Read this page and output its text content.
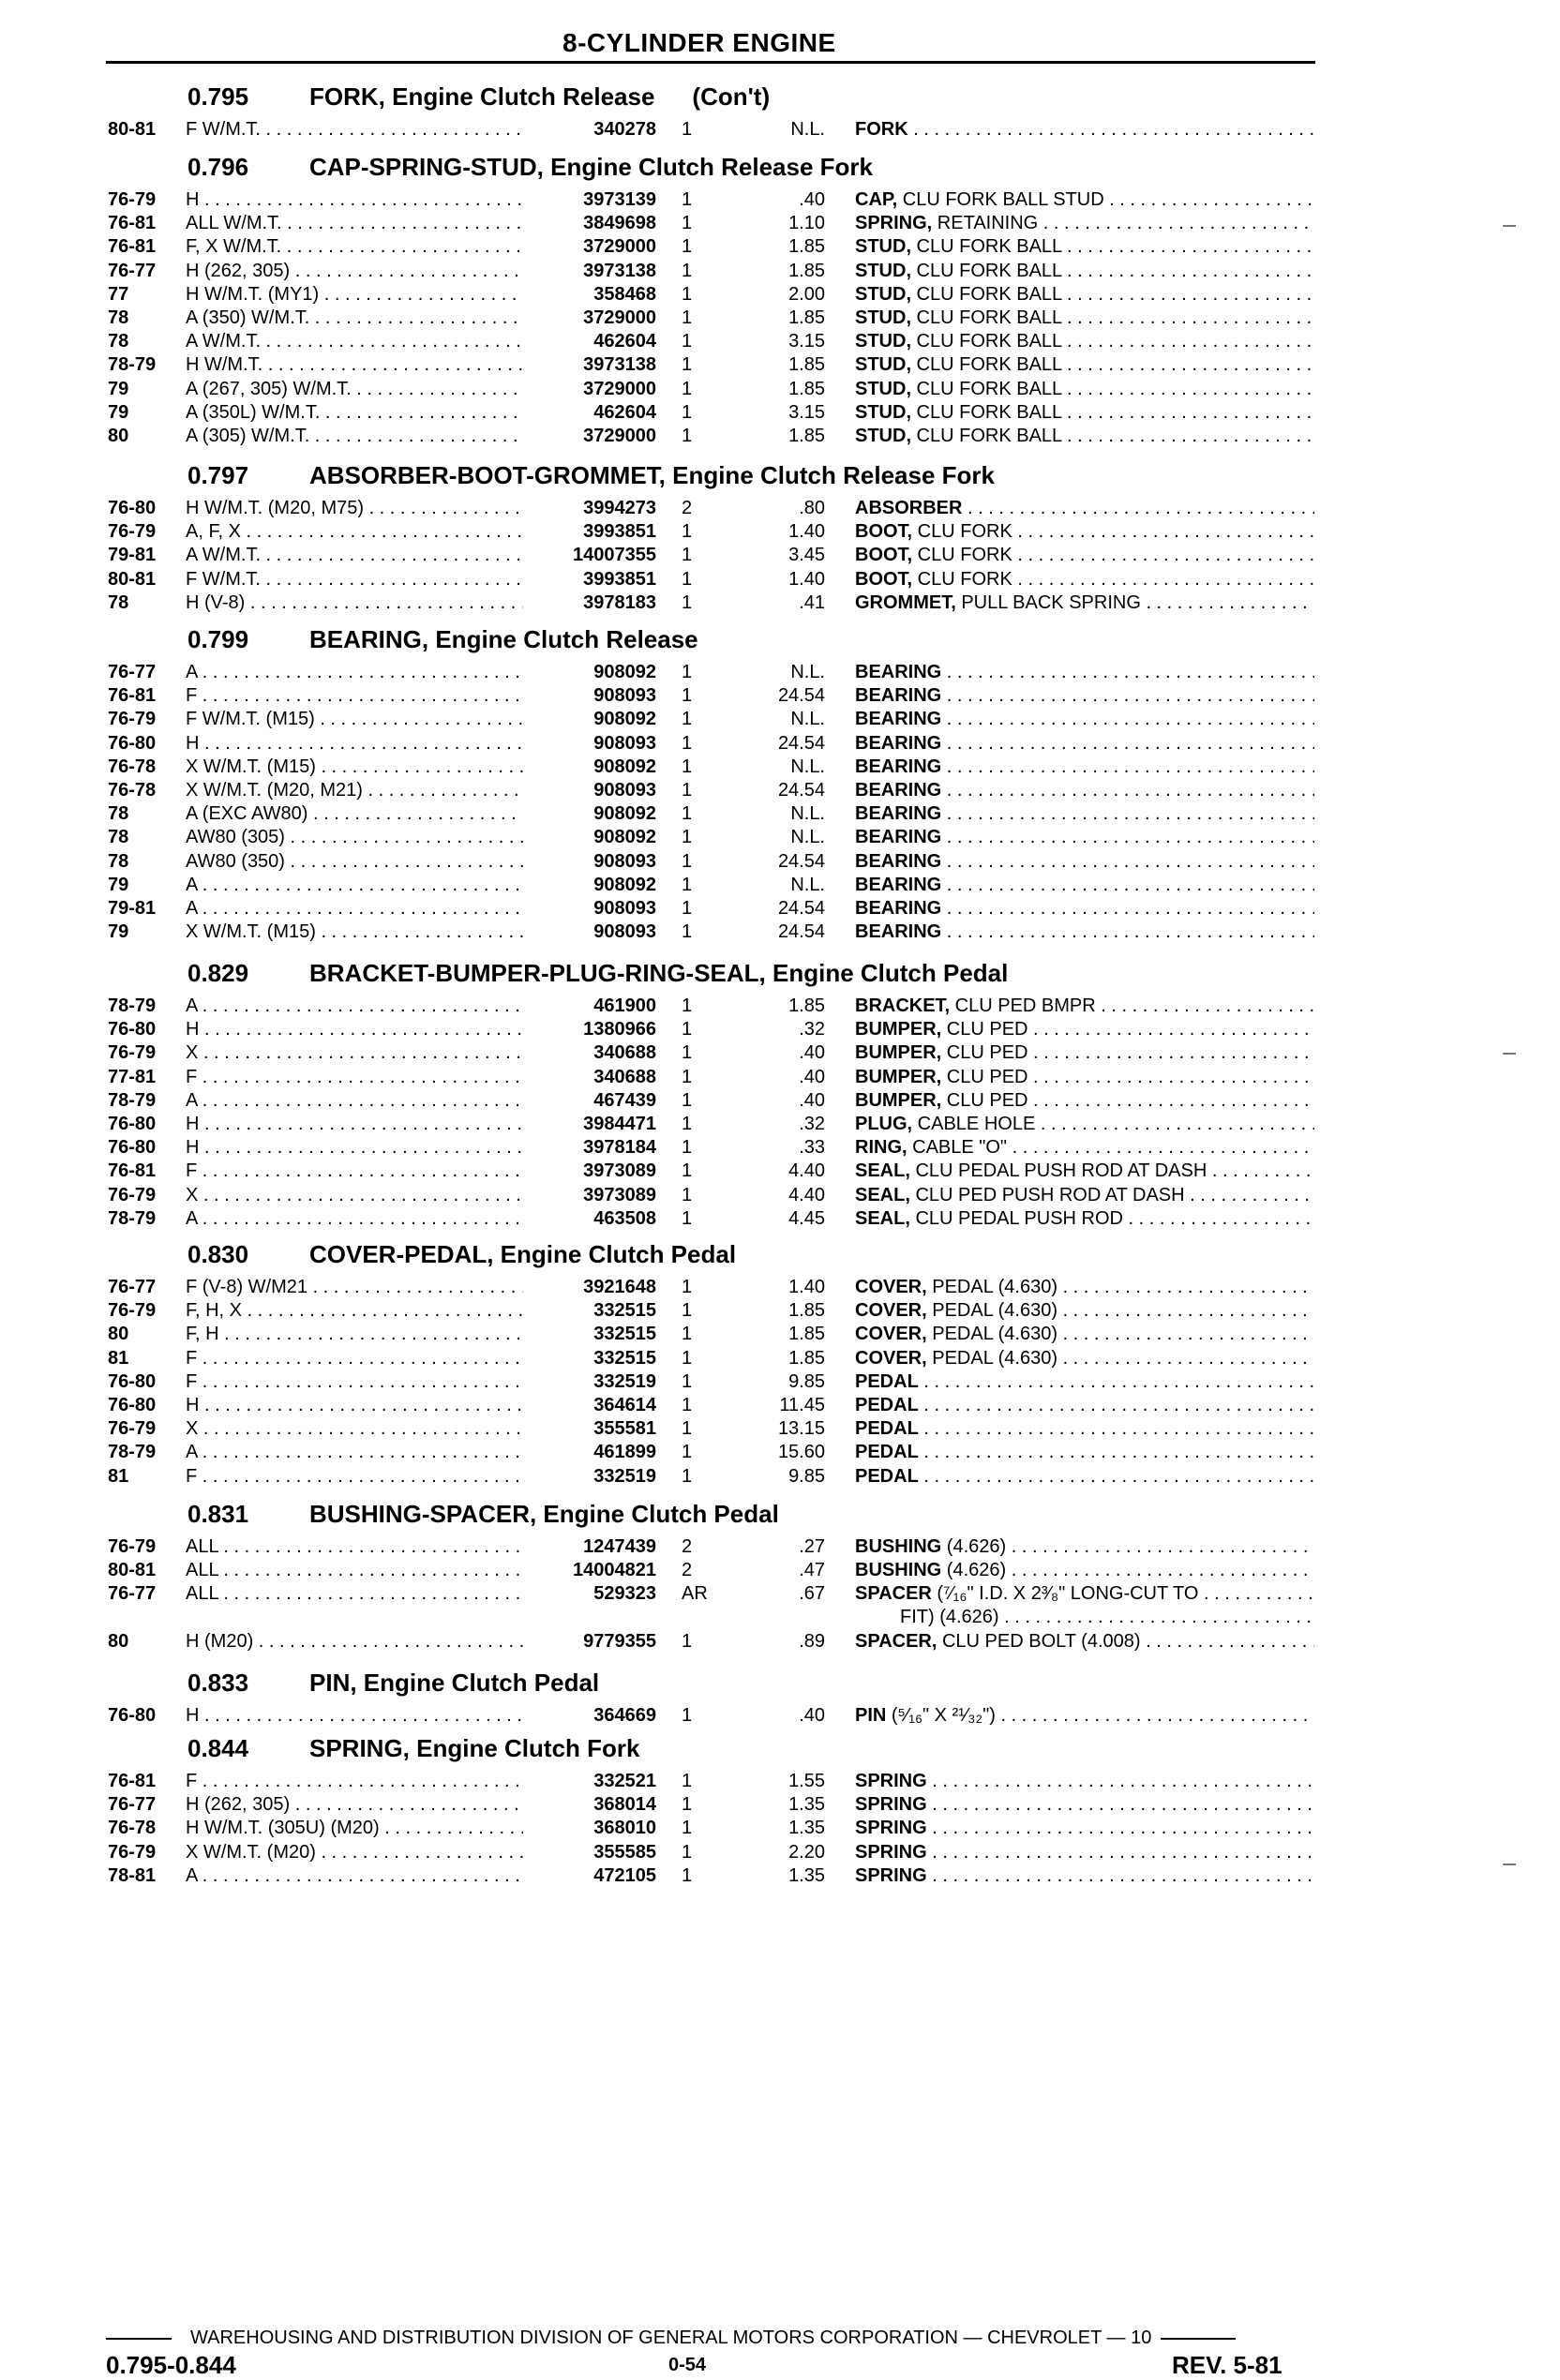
8-CYLINDER ENGINE
0.795 FORK, Engine Clutch Release (Con't)
80-81 F W/M.T. . . .	340278 1	N.L. FORK . . .
0.796 CAP-SPRING-STUD, Engine Clutch Release Fork
76-79 H . . .	3973139 1	.40 CAP, CLU FORK BALL STUD . . .
76-81 ALL W/M.T. . . .	3849698 1	1.10 SPRING, RETAINING . . .
76-81 F, X W/M.T. . . .	3729000 1	1.85 STUD, CLU FORK BALL . . .
76-77 H (262, 305) . . .	3973138 1	1.85 STUD, CLU FORK BALL . . .
77	H W/M.T. (MY1) . . .	358468 1	2.00 STUD, CLU FORK BALL . . .
78	A (350) W/M.T. . . .	3729000 1	1.85 STUD, CLU FORK BALL . . .
78	A W/M.T. . . .	462604 1	3.15 STUD, CLU FORK BALL . . .
78-79 H W/M.T. . . .	3973138 1	1.85 STUD, CLU FORK BALL . . .
79	A (267, 305) W/M.T. . . .	3729000 1	1.85 STUD, CLU FORK BALL . . .
79	A (350L) W/M.T. . . .	462604 1	3.15 STUD, CLU FORK BALL . . .
80	A (305) W/M.T. . . .	3729000 1	1.85 STUD, CLU FORK BALL . . .
0.797 ABSORBER-BOOT-GROMMET, Engine Clutch Release Fork
76-80 H W/M.T. (M20, M75) . . .	3994273 2	.80 ABSORBER . . .
76-79 A, F, X . . .	3993851 1	1.40 BOOT, CLU FORK . . .
79-81 A W/M.T. . . .	14007355 1	3.45 BOOT, CLU FORK . . .
80-81 F W/M.T. . . .	3993851 1	1.40 BOOT, CLU FORK . . .
78	H (V-8) . . .	3978183 1	.41 GROMMET, PULL BACK SPRING . . .
0.799 BEARING, Engine Clutch Release
76-77 A . . .	908092 1	N.L. BEARING . . .
76-81 F . . .	908093 1	24.54 BEARING . . .
76-79 F W/M.T. (M15) . . .	908092 1	N.L. BEARING . . .
76-80 H . . .	908093 1	24.54 BEARING . . .
76-78 X W/M.T. (M15) . . .	908092 1	N.L. BEARING . . .
76-78 X W/M.T. (M20, M21) . . .	908093 1	24.54 BEARING . . .
78	A (EXC AW80) . . .	908092 1	N.L. BEARING . . .
78	AW80 (305) . . .	908092 1	N.L. BEARING . . .
78	AW80 (350) . . .	908093 1	24.54 BEARING . . .
79	A . . .	908092 1	N.L. BEARING . . .
79-81 A . . .	908093 1	24.54 BEARING . . .
79	X W/M.T. (M15) . . .	908093 1	24.54 BEARING . . .
0.829 BRACKET-BUMPER-PLUG-RING-SEAL, Engine Clutch Pedal
78-79 A . . .	461900 1	1.85 BRACKET, CLU PED BMPR . . .
76-80 H . . .	1380966 1	.32 BUMPER, CLU PED . . .
76-79 X . . .	340688 1	.40 BUMPER, CLU PED . . .
77-81 F . . .	340688 1	.40 BUMPER, CLU PED . . .
78-79 A . . .	467439 1	.40 BUMPER, CLU PED . . .
76-80 H . . .	3984471 1	.32 PLUG, CABLE HOLE . . .
76-80 H . . .	3978184 1	.33 RING, CABLE "O" . . .
76-81 F . . .	3973089 1	4.40 SEAL, CLU PEDAL PUSH ROD AT DASH . . .
76-79 X . . .	3973089 1	4.40 SEAL, CLU PED PUSH ROD AT DASH . . .
78-79 A . . .	463508 1	4.45 SEAL, CLU PEDAL PUSH ROD . . .
0.830 COVER-PEDAL, Engine Clutch Pedal
76-77 F (V-8) W/M21 . . .	3921648 1	1.40 COVER, PEDAL (4.630) . . .
76-79 F, H, X . . .	332515 1	1.85 COVER, PEDAL (4.630) . . .
80	F, H . . .	332515 1	1.85 COVER, PEDAL (4.630) . . .
81	F . . .	332515 1	1.85 COVER, PEDAL (4.630) . . .
76-80 F . . .	332519 1	9.85 PEDAL . . .
76-80 H . . .	364614 1	11.45 PEDAL . . .
76-79 X . . .	355581 1	13.15 PEDAL . . .
78-79 A . . .	461899 1	15.60 PEDAL . . .
81	F . . .	332519 1	9.85 PEDAL . . .
0.831 BUSHING-SPACER, Engine Clutch Pedal
76-79 ALL . . .	1247439 2	.27 BUSHING (4.626) . . .
80-81 ALL . . .	14004821 2	.47 BUSHING (4.626) . . .
76-77 ALL . . .	529323 AR	.67 SPACER (⁷⁄₁₆" I.D. X 2³⁄₈" LONG-CUT TO . . .
FIT) (4.626) . . .
80	H (M20) . . .	9779355 1	.89 SPACER, CLU PED BOLT (4.008) . . .
0.833 PIN, Engine Clutch Pedal
76-80 H . . .	364669 1	.40 PIN (⁵⁄₁₆" X ²¹⁄₃₂") . . .
0.844 SPRING, Engine Clutch Fork
76-81 F . . .	332521 1	1.55 SPRING . . .
76-77 H (262, 305) . . .	368014 1	1.35 SPRING . . .
76-78 H W/M.T. (305U) (M20) . . .	368010 1	1.35 SPRING . . .
76-79 X W/M.T. (M20) . . .	355585 1	2.20 SPRING . . .
78-81 A . . .	472105 1	1.35 SPRING . . .
WAREHOUSING AND DISTRIBUTION DIVISION OF GENERAL MOTORS CORPORATION — CHEVROLET — 10
0.795-0.844	0-54	REV. 5-81
